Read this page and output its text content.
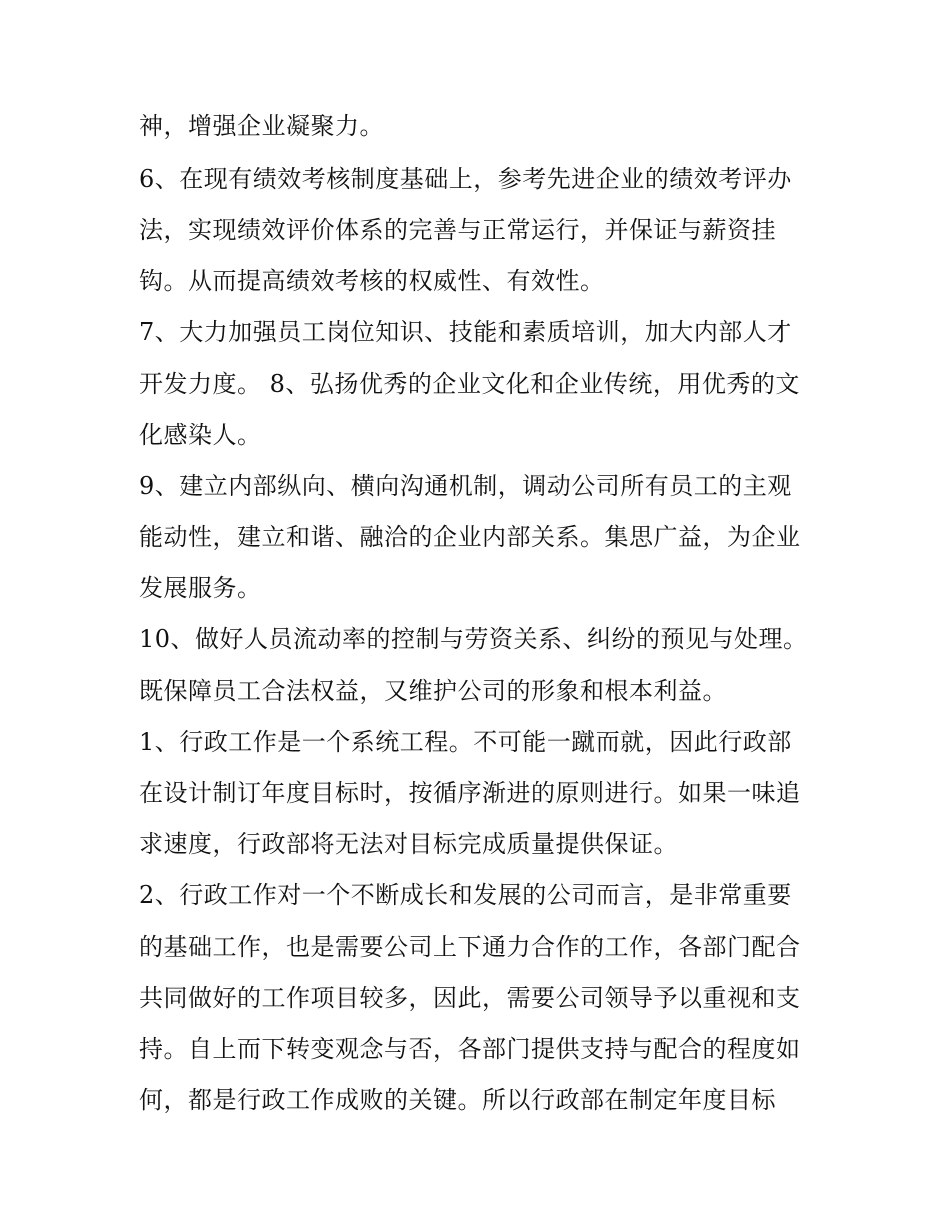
神，增强企业凝聚力。

6、在现有绩效考核制度基础上，参考先进企业的绩效考评办

法，实现绩效评价体系的完善与正常运行，并保证与薪资挂

钩。从而提高绩效考核的权威性、有效性。

7、大力加强员工岗位知识、技能和素质培训，加大内部人才

开发力度。 8、弘扬优秀的企业文化和企业传统，用优秀的文

化感染人。

9、建立内部纵向、横向沟通机制，调动公司所有员工的主观

能动性，建立和谐、融洽的企业内部关系。集思广益，为企业

发展服务。

10、做好人员流动率的控制与劳资关系、纠纷的预见与处理。

既保障员工合法权益，又维护公司的形象和根本利益。

1、行政工作是一个系统工程。不可能一蹴而就，因此行政部

在设计制订年度目标时，按循序渐进的原则进行。如果一味追

求速度，行政部将无法对目标完成质量提供保证。

2、行政工作对一个不断成长和发展的公司而言，是非常重要

的基础工作，也是需要公司上下通力合作的工作，各部门配合

共同做好的工作项目较多，因此，需要公司领导予以重视和支

持。自上而下转变观念与否，各部门提供支持与配合的程度如

何，都是行政工作成败的关键。所以行政部在制定年度目标
